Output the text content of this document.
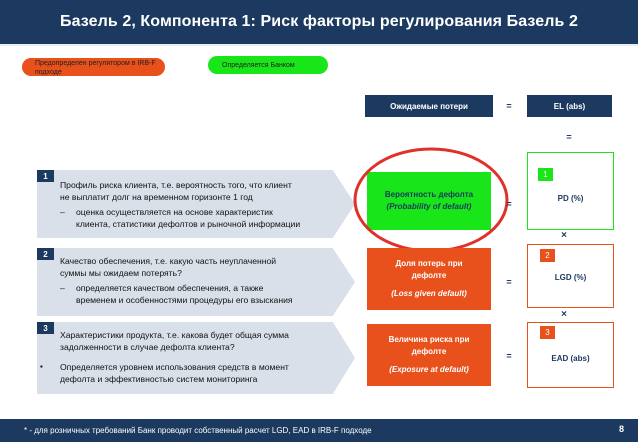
Базель 2, Компонента 1: Риск факторы регулирования Базель 2
Предопределен регулятором в IRB-F подходе
Определяется Банком
Ожидаемые потери	=	EL (abs)
=
1
Профиль риска клиента, т.е. вероятность того, что клиент
не выплатит долг на временном горизонте 1 год
– оценка осуществляется на основе характеристик
клиента, статистики дефолтов и рыночной информации
Вероятность дефолта
(Probability of default)	=
PD (%)
1
×
2
Качество обеспечения, т.е. какую часть неуплаченной
суммы мы ожидаем потерять?
– определяется качеством обеспечения, а также
временем и особенностями процедуры его взыскания
Доля потерь при
дефолте
(Loss given default) *
=	LGD (%)
2
×
3
Характеристики продукта, т.е. какова будет общая сумма
задолженности в случае дефолта клиента?
▪ Определяется уровнем использования средств в момент
дефолта и эффективностью систем мониторинга
Величина риска при
дефолте
(Exposure at default) *
=	EAD (abs)
3
* - для розничных требований Банк проводит собственный расчет LGD, EAD в IRB-F подходе	8
